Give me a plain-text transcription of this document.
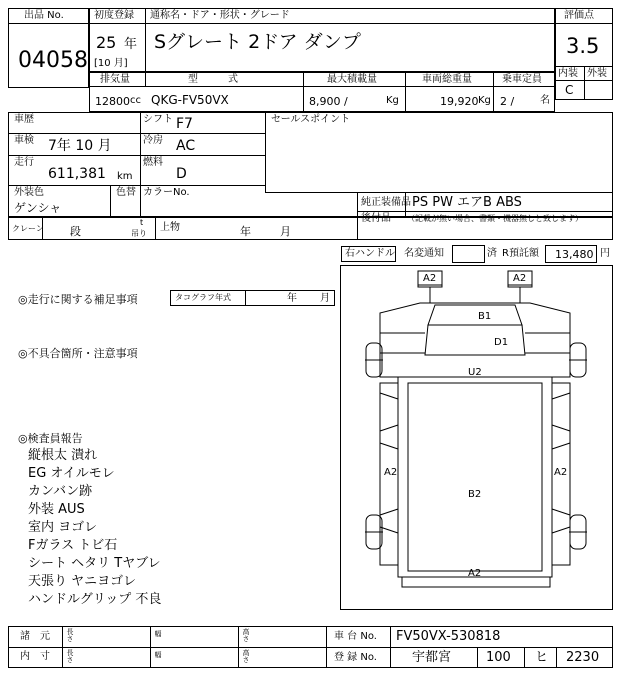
出品 No.
04058
初度登録 通称名・ドア・形状・グレード
25 年
[10 月]
Sグレート 2ドア ダンプ
評価点
3.5
内装 外装
C
排気量	型　　　式	最大積載量	車両総重量	乗車定員
12800 cc QKG-FV50VX	8,900 /	Kg	19,920 Kg 2 /	名
車歴	シフト F7
車検 7年 10 月	冷房 AC
走行
611,381 km
燃料
D
外装色	色替 カラーNo.
ゲンシャ
セールスポイント
純正装備品 PS PW エアB ABS
後付品 （記載が無い場合、書類・機器無しと致します）
クレーン 段
t
吊り
上物	年	月
右ハンドル 名変通知	済 R預託額 13,480 円
◎走行に関する補足事項	タコグラフ年式	年 月
◎不具合箇所・注意事項
◎検査員報告
縦根太 潰れ
EG オイルモレ
カンバン跡
外装 AUS
室内 ヨゴレ
Fガラス トビ石
シート ヘタリ Tヤブレ
天張り ヤニヨゴレ
ハンドルグリップ 不良
A2	A2
B1
D1
U2
A2	A2
B2
A2
諸　元
内　寸
長さ	幅	高さ
長さ	幅	高さ
車 台 No. FV50VX-530818
登 録 No.	宇都宮	100 ヒ 2230
